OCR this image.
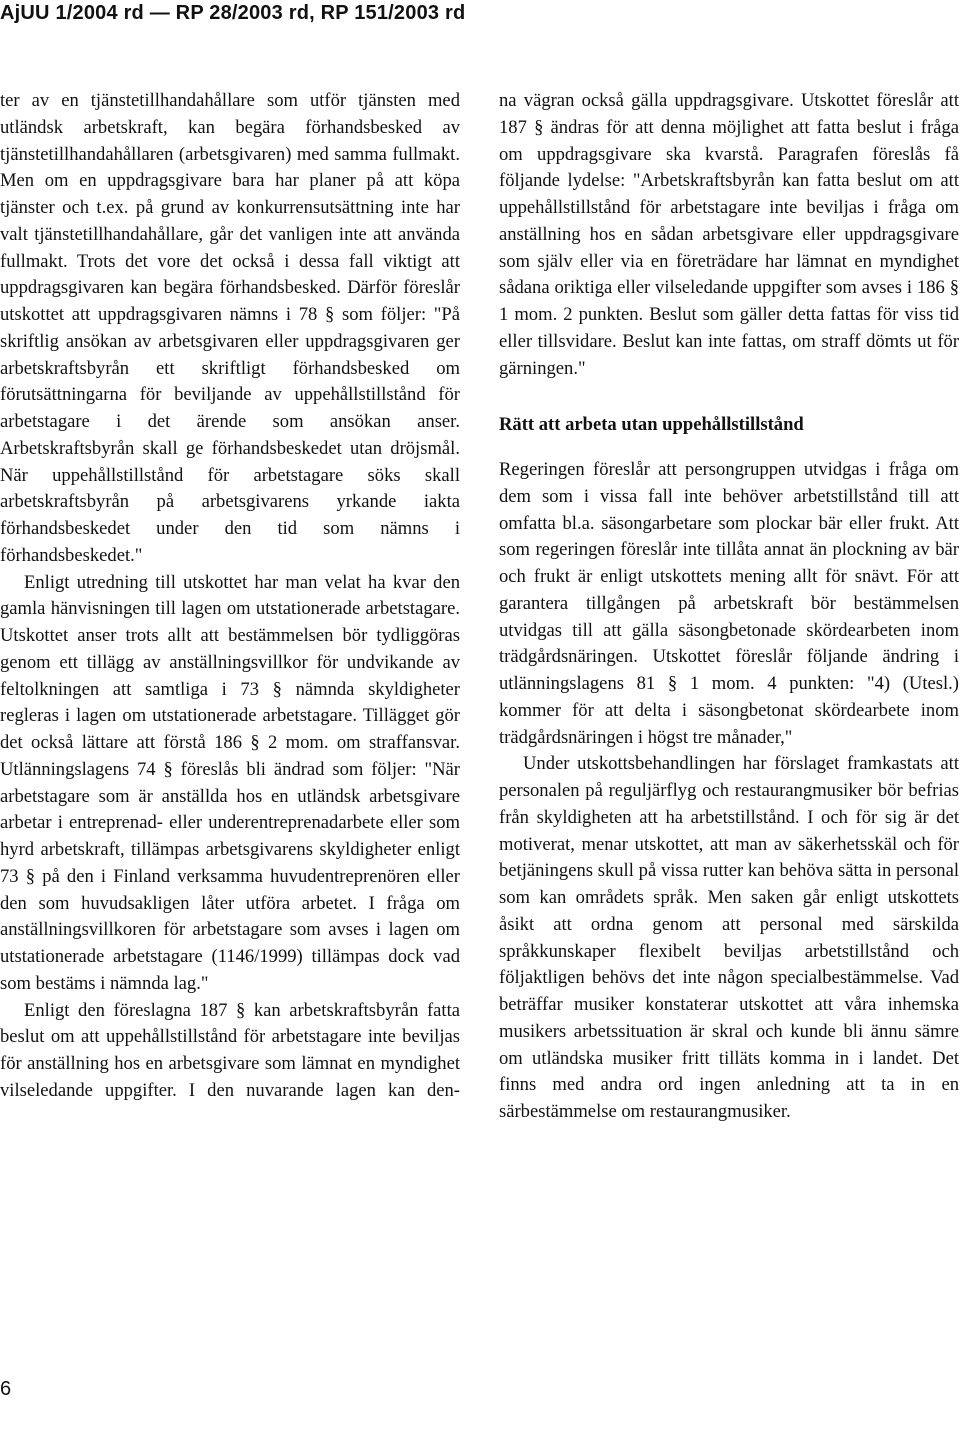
AjUU 1/2004 rd — RP 28/2003 rd, RP 151/2003 rd

ter av en tjänstetillhandahållare som utför tjänsten med utländsk arbetskraft, kan begära förhandsbesked av tjänstetillhandahållaren (arbetsgivaren) med samma fullmakt. Men om en uppdragsgivare bara har planer på att köpa tjänster och t.ex. på grund av konkurrensutsättning inte har valt tjänstetillhandahållare, går det vanligen inte att använda fullmakt. Trots det vore det också i dessa fall viktigt att uppdragsgivaren kan begära förhandsbesked. Därför föreslår utskottet att uppdragsgivaren nämns i 78 § som följer: "På skriftlig ansökan av arbetsgivaren eller uppdragsgivaren ger arbetskraftsbyrån ett skriftligt förhandsbesked om förutsättningarna för beviljande av uppehållstillstånd för arbetstagare i det ärende som ansökan anser. Arbetskraftsbyrån skall ge förhandsbeskedet utan dröjsmål. När uppehållstillstånd för arbetstagare söks skall arbetskraftsbyrån på arbetsgivarens yrkande iakta förhandsbeskedet under den tid som nämns i förhandsbeskedet."

Enligt utredning till utskottet har man velat ha kvar den gamla hänvisningen till lagen om utstationerade arbetstagare. Utskottet anser trots allt att bestämmelsen bör tydliggöras genom ett tillägg av anställningsvillkor för undvikande av feltolkningen att samtliga i 73 § nämnda skyldigheter regleras i lagen om utstationerade arbetstagare. Tillägget gör det också lättare att förstå 186 § 2 mom. om straffansvar. Utlänningslagens 74 § föreslås bli ändrad som följer: "När arbetstagare som är anställda hos en utländsk arbetsgivare arbetar i entreprenad- eller underentreprenadarbete eller som hyrd arbetskraft, tillämpas arbetsgivarens skyldigheter enligt 73 § på den i Finland verksamma huvudentreprenören eller den som huvudsakligen låter utföra arbetet. I fråga om anställningsvillkoren för arbetstagare som avses i lagen om utstationerade arbetstagare (1146/1999) tillämpas dock vad som bestäms i nämnda lag."

Enligt den föreslagna 187 § kan arbetskraftsbyrån fatta beslut om att uppehållstillstånd för arbetstagare inte beviljas för anställning hos en arbetsgivare som lämnat en myndighet vilseledande uppgifter. I den nuvarande lagen kan den-

na vägran också gälla uppdragsgivare. Utskottet föreslår att 187 § ändras för att denna möjlighet att fatta beslut i fråga om uppdragsgivare ska kvarstå. Paragrafen föreslås få följande lydelse: "Arbetskraftsbyrån kan fatta beslut om att uppehållstillstånd för arbetstagare inte beviljas i fråga om anställning hos en sådan arbetsgivare eller uppdragsgivare som själv eller via en företrädare har lämnat en myndighet sådana oriktiga eller vilseledande uppgifter som avses i 186 § 1 mom. 2 punkten. Beslut som gäller detta fattas för viss tid eller tillsvidare. Beslut kan inte fattas, om straff dömts ut för gärningen."

Rätt att arbeta utan uppehållstillstånd

Regeringen föreslår att persongruppen utvidgas i fråga om dem som i vissa fall inte behöver arbetstillstånd till att omfatta bl.a. säsongarbetare som plockar bär eller frukt. Att som regeringen föreslår inte tillåta annat än plockning av bär och frukt är enligt utskottets mening allt för snävt. För att garantera tillgången på arbetskraft bör bestämmelsen utvidgas till att gälla säsongbetonade skördearbeten inom trädgårdsnäringen. Utskottet föreslår följande ändring i utlänningslagens 81 § 1 mom. 4 punkten: "4) (Utesl.) kommer för att delta i säsongbetonat skördearbete inom trädgårdsnäringen i högst tre månader,"

Under utskottsbehandlingen har förslaget framkastats att personalen på reguljärflyg och restaurangmusiker bör befrias från skyldigheten att ha arbetstillstånd. I och för sig är det motiverat, menar utskottet, att man av säkerhetsskäl och för betjäningens skull på vissa rutter kan behöva sätta in personal som kan områdets språk. Men saken går enligt utskottets åsikt att ordna genom att personal med särskilda språkkunskaper flexibelt beviljas arbetstillstånd och följaktligen behövs det inte någon specialbestämmelse. Vad beträffar musiker konstaterar utskottet att våra inhemska musikers arbetssituation är skral och kunde bli ännu sämre om utländska musiker fritt tilläts komma in i landet. Det finns med andra ord ingen anledning att ta in en särbestämmelse om restaurangmusiker.

6
